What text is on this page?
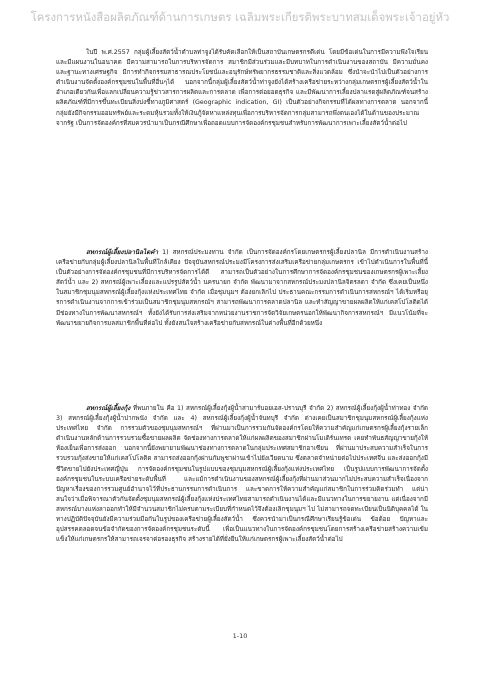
โครงการหนังสือผลิตภัณฑ์ด้านการเกษตร เฉลิมพระเกียรติพระบาทสมเด็จพระเจ้าอยู่หัว

ในปี พ.ศ.2557 กลุ่มผู้เลี้ยงสัตว์น้ำตำบลท่าจูงได้รับคัดเลือกให้เป็นสถาบันเกษตรกรดีเด่น โดยมีข้อเด่นในการมีความพึงใจเรียนและมีแผนงานในอนาคต มีความสามารถในการบริหารจัดการ สมาชิกมีส่วนร่วมและมีบทบาทในการดำเนินงานของสถาบัน มีความมั่นคงและฐานะทางเศรษฐกิจ มีการทำกิจกรรมสาธารณประโยชน์และอนุรักษ์ทรัพยากรธรรมชาติและสิ่งแวดล้อม ซึ่งนำจะนำไปเป็นตัวอย่างการดำเนินงานจัดตั้งองค์กรชุมชนในพื้นที่อื่นๆได้ นอกจากนี้กลุ่มผู้เลี้ยงสัตว์น้ำท่าจูงยังได้สร้างเครือข่ายระหว่างกลุ่มเกษตรกรผู้เลี้ยงสัตว์น้ำในอำเภอเดียวกันเพื่อแลกเปลี่ยนความรู้ข่าวสารการผลิตและการตลาด เพื่อการต่อยอดธุรกิจ และมีพัฒนาการเลี้ยงปลาแรดสู่ผลิตภัณฑ์จนสร้างผลิตภัณฑ์ที่มีการขึ้นทะเบียนสิ่งบ่งชี้ทางภูมิศาสตร์ (Geographic indication, GI) เป็นตัวอย่างกิจกรรมที่ได้ผลทางการตลาด นอกจากนี้กลุ่มยังมีกิจกรรมออมทรัพย์และระดมหุ้นรวมทั้งให้เงินกู้จัดหาแหล่งทุนเพื่อการบริหารจัดการกลุ่มสามารถพึ่งตนเองได้ในด้านของประมาณจากรัฐ เป็นการจัดองค์กรที่สมควรนำมาเป็นกรณีศึกษาเพื่อถอดแบบการจัดองค์กรชุมชนสำหรับการพัฒนาการเพาะเลี้ยงสัตว์น้ำต่อไป

สหกรณ์ผู้เลี้ยงปลานิลไดคำ 1) สหกรณ์ประมงทาน จำกัด เป็นการจัดองค์กรโดยเกษตรกรผู้เลี้ยงปลานิล มีการดำเนินงานสร้างเครือข่ายกับกลุ่มผู้เลี้ยงปลานิลในพื้นที่ใกล้เคียง ปัจจุบันสหกรณ์ประมงมีโครงการส่งเสริมเครือข่ายกลุ่มเกษตรกร เข้าไปดำเนินการในพื้นที่นี้ เป็นตัวอย่างการจัดองค์กรชุมชนที่มีการบริหารจัดการได้ดี สามารถเป็นตัวอย่างในการศึกษาการจัดองค์กรชุมชนของเกษตรกรผู้เพาะเลี้ยงสัตว์น้ำ และ 2) สหกรณ์ผู้เพาะเลี้ยงและแปรรูปสัตว์น้ำ นครนายก จำกัด พัฒนามาจากสหกรณ์ประมงปลานิลจิตรลดา จำกัด ซึ่งเคยเป็นหนึ่งในสมาชิกชุมนุมสหกรณ์ผู้เลี้ยงกุ้งแห่งประเทศไทย จำกัด เมื่อชุมนุมฯ ต้องยกเลิกไป ประธานคณะกรรมการดำเนินการสหกรณ์ฯ ได้เริ่มหรือยุรการดำเนินงานจากการเข้าร่วมเป็นสมาชิกชุมนุมสหกรณ์ฯ สามารถพัฒนาการตลาดปลานิล และทำสัญญาขายผลผลิตให้แก่เคสโปโลติดได้ มีช่องทางในการพัฒนาสหกรณ์ฯ ทั้งยังได้รับการส่งเสริมจากหน่วยงานราชการจัดวิจัยเกษตรนอกให้พัฒนากิจการสหกรณ์ฯ มีแนวโน้มที่จะพัฒนาขยายกิจการมลสมาชิกพื้นที่ต่อไป ทั้งยังสนใจสร้างเครือข่ายกับสหกรณ์ในต่างพื้นที่อีกด้วยหนึ่ง

สหกรณ์ผู้เลี้ยงกุ้ง ที่พบภายใน คือ 1) สหกรณ์ผู้เลี้ยงกุ้งผู้น้ำสามาร์บอยเอส-ปรานบุรี จำกัด 2) สหกรณ์ผู้เลี้ยงกุ้งผู้น้ำท่าทอง จำกัด 3) สหกรณ์ผู้เลี้ยงกุ้งผู้น้ำปากพนัง จำกัด และ 4) สหกรณ์ผู้เลี้ยงกุ้งผู้น้ำจันทบุรี จำกัด ต่างเคยเป็นสมาชิกชุมนุมสหกรณ์ผู้เลี้ยงกุ้งแห่งประเทศไทย จำกัด การรวมตัวของชุมนุมสหกรณ์ฯ ที่ผ่านมาเป็นการรวมกันจัดองค์กรโดยให้ความสำคัญแก่เกษตรกรผู้เลี้ยงกุ้งรายเล็ก ดำเนินงานหลักด้านการรวบรวมซื้อขายผลผลิต จัดช่องทางการตลาดให้แก่ผลผลิตของสมาชิกผ่านโมเดิร์นเทรด เคยทำพันธสัญญาขายกุ้งให้ห้องเย็นเพื่อการส่งออก นอกจากนี้ยังพยายามพัฒนาช่องทางการตลาดในกลุ่มประเทศสมาชิกอาเซียน ที่ผ่านมาประสบความสำเร็จในการรวบรวมกุ้งส่งขายให้แก่เคสโปโลติด สามารถส่งออกกุ้งผ่านกัมพูชาผ่านเข้าไปยังเวียดนาม ซึ่งตลาดจำหน่ายต่อไปประเทศจีน และส่งออกกุ้งมีชีวิตขายไปยังประเทศญี่ปุ่น การจัดองค์กรชุมชนในรูปแบบของชุมนุมสหกรณ์ผู้เลี้ยงกุ้งแห่งประเทศไทย เป็นรูปแบบการพัฒนาการจัดตั้งองค์กรชุมชนในระบบเครือข่ายระดับพื้นที่ และแม้การดำเนินงานของสหกรณ์ผู้เลี้ยงกุ้งที่ผ่านมาส่วนมากไม่ประสบความสำเร็จเนื่องจากปัญหาเรื่องของการรวมศูนย์อำนาจไว้ที่ประธานกรรมการดำเนินการ และขาดการให้ความสำคัญแก่สมาชิกในการร่วมคิดร่วมทำ แต่น่าสนใจว่าเมื่อพิจารณาตัวกันจัดตั้งชุมนุมสหกรณ์ผู้เลี้ยงกุ้งแห่งประเทศไทยสามารถดำเนินงานได้และมีแนวทางในการขยายงาน แต่เนื่องจากมีสหกรณ์บางแห่งลาออกทำให้มีจำนวนสมาชิกไม่ครบตามระเบียบที่กำหนดไว้จึงต้องเลิกชุมนุมฯ ไป ไม่สามารถจดทะเบียนเป็นนิติบุคคลได้ ในทางปฏิบัติปัจจุบันยังมีความร่วมมือกันในรูปของเครือข่ายผู้เลี้ยงสัตว์น้ำ ซึ่งควรนำมาเป็นกรณีศึกษาเรียนรู้ข้อเด่น ข้อด้อย ปัญหาและอุปสรรคตลอดจนข้อจำกัดของการจัดองค์กรชุมชนระดับนี้ เพื่อเป็นแนวทางในการจัดองค์กรชุมชนโดยการสร้างเครือข่ายสร้างความเข้มแข็งให้แก่เกษตรกรให้สามารถเจรจาต่อรองธุรกิจ สร้างรายได้ที่ยั่งยืนให้แก่เกษตรกรผู้เพาะเลี้ยงสัตว์น้ำต่อไป

1-10
